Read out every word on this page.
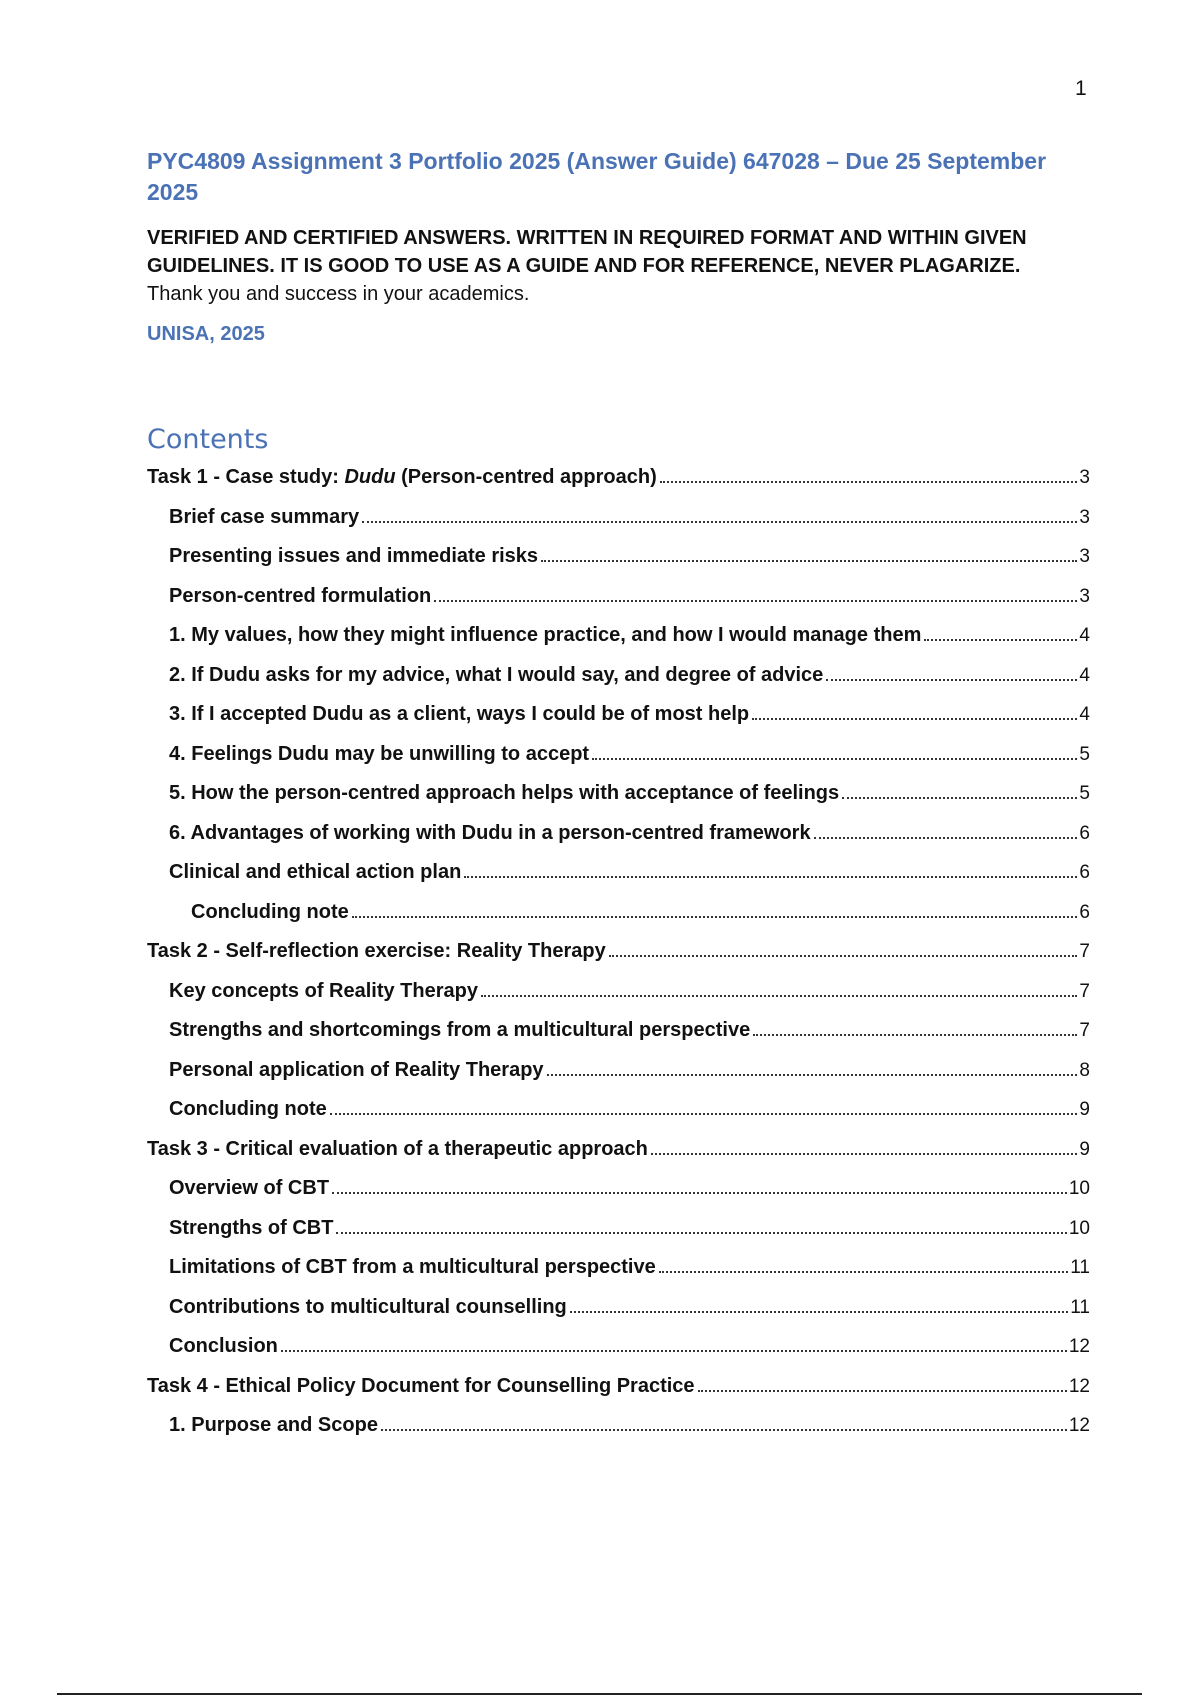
1
PYC4809 Assignment 3 Portfolio 2025 (Answer Guide) 647028 – Due 25 September 2025

VERIFIED AND CERTIFIED ANSWERS. WRITTEN IN REQUIRED FORMAT AND WITHIN GIVEN GUIDELINES. IT IS GOOD TO USE AS A GUIDE AND FOR REFERENCE, NEVER PLAGARIZE. Thank you and success in your academics.

UNISA, 2025

Contents
Task 1 - Case study: Dudu (Person-centred approach)	3
Brief case summary	3
Presenting issues and immediate risks	3
Person-centred formulation	3
1. My values, how they might influence practice, and how I would manage them	4
2. If Dudu asks for my advice, what I would say, and degree of advice	4
3. If I accepted Dudu as a client, ways I could be of most help	4
4. Feelings Dudu may be unwilling to accept	5
5. How the person-centred approach helps with acceptance of feelings	5
6. Advantages of working with Dudu in a person-centred framework	6
Clinical and ethical action plan	6
Concluding note	6
Task 2 - Self-reflection exercise: Reality Therapy	7
Key concepts of Reality Therapy	7
Strengths and shortcomings from a multicultural perspective	7
Personal application of Reality Therapy	8
Concluding note	9
Task 3 - Critical evaluation of a therapeutic approach	9
Overview of CBT	10
Strengths of CBT	10
Limitations of CBT from a multicultural perspective	11
Contributions to multicultural counselling	11
Conclusion	12
Task 4 - Ethical Policy Document for Counselling Practice	12
1. Purpose and Scope	12
